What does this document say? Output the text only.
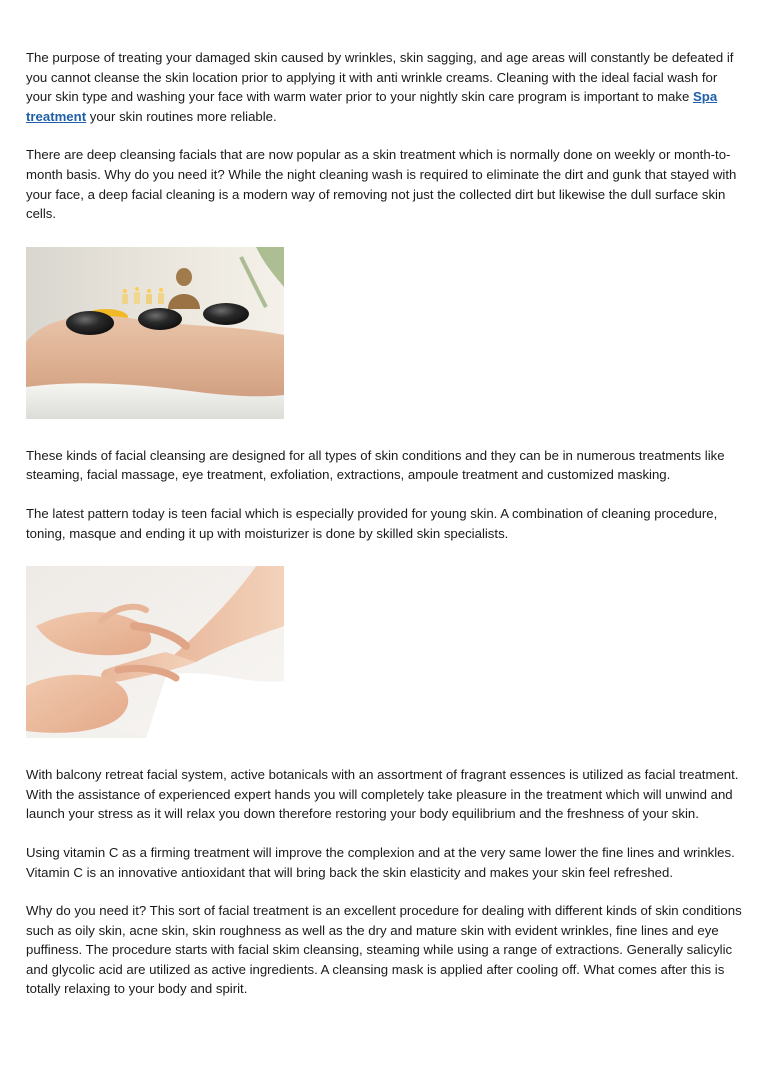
The purpose of treating your damaged skin caused by wrinkles, skin sagging, and age areas will constantly be defeated if you cannot cleanse the skin location prior to applying it with anti wrinkle creams. Cleaning with the ideal facial wash for your skin type and washing your face with warm water prior to your nightly skin care program is important to make Spa treatment your skin routines more reliable.

There are deep cleansing facials that are now popular as a skin treatment which is normally done on weekly or month-to-month basis. Why do you need it? While the night cleaning wash is required to eliminate the dirt and gunk that stayed with your face, a deep facial cleaning is a modern way of removing not just the collected dirt but likewise the dull surface skin cells.

These kinds of facial cleansing are designed for all types of skin conditions and they can be in numerous treatments like steaming, facial massage, eye treatment, exfoliation, extractions, ampoule treatment and customized masking.

The latest pattern today is teen facial which is especially provided for young skin. A combination of cleaning procedure, toning, masque and ending it up with moisturizer is done by skilled skin specialists.

With balcony retreat facial system, active botanicals with an assortment of fragrant essences is utilized as facial treatment. With the assistance of experienced expert hands you will completely take pleasure in the treatment which will unwind and launch your stress as it will relax you down therefore restoring your body equilibrium and the freshness of your skin.

Using vitamin C as a firming treatment will improve the complexion and at the very same lower the fine lines and wrinkles. Vitamin C is an innovative antioxidant that will bring back the skin elasticity and makes your skin feel refreshed.

Why do you need it? This sort of facial treatment is an excellent procedure for dealing with different kinds of skin conditions such as oily skin, acne skin, skin roughness as well as the dry and mature skin with evident wrinkles, fine lines and eye puffiness. The procedure starts with facial skim cleansing, steaming while using a range of extractions. Generally salicylic and glycolic acid are utilized as active ingredients. A cleansing mask is applied after cooling off. What comes after this is totally relaxing to your body and spirit.
